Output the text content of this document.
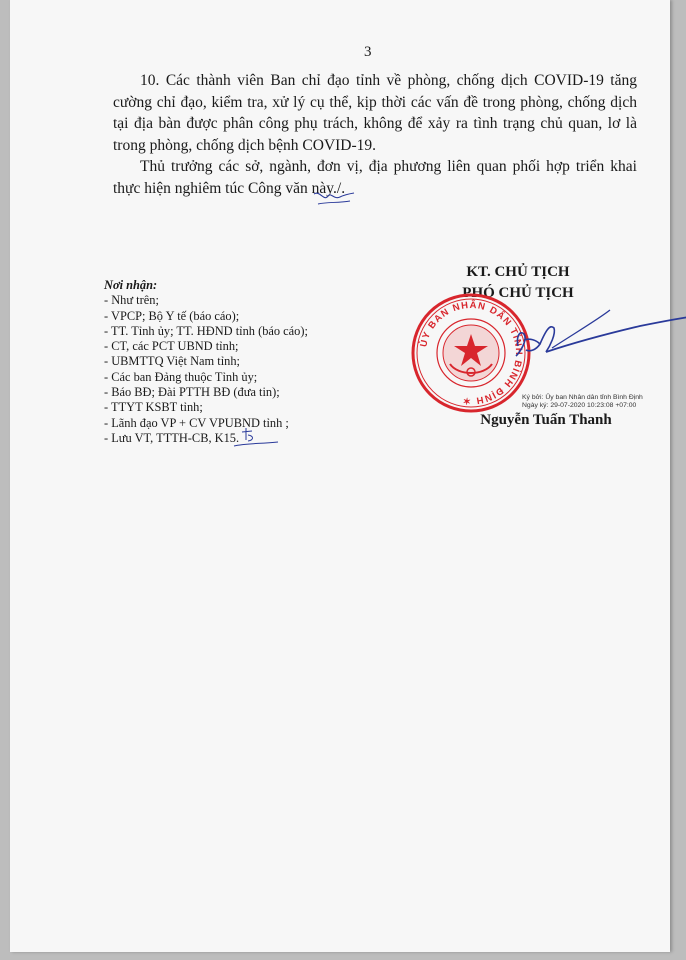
3

10. Các thành viên Ban chỉ đạo tỉnh về phòng, chống dịch COVID-19 tăng cường chỉ đạo, kiểm tra, xử lý cụ thể, kịp thời các vấn đề trong phòng, chống dịch tại địa bàn được phân công phụ trách, không để xảy ra tình trạng chủ quan, lơ là trong phòng, chống dịch bệnh COVID-19.

Thủ trưởng các sở, ngành, đơn vị, địa phương liên quan phối hợp triển khai thực hiện nghiêm túc Công văn này./.

Nơi nhận:
- Như trên;
- VPCP; Bộ Y tế (báo cáo);
- TT. Tỉnh ủy; TT. HĐND tỉnh (báo cáo);
- CT, các PCT UBND tỉnh;
- UBMTTQ Việt Nam tỉnh;
- Các ban Đảng thuộc Tỉnh ủy;
- Báo BĐ; Đài PTTH BĐ (đưa tin);
- TTYT KSBT tỉnh;
- Lãnh đạo VP + CV VPUBND tỉnh ;
- Lưu VT, TTTH-CB, K15.
KT. CHỦ TỊCH
PHÓ CHỦ TỊCH
ỦY BAN NHÂN DÂN TỈNH BÌNH ĐỊNH ✶	Ký bởi: Ủy ban Nhân dân tỉnh Bình Định
Ngày ký: 29-07-2020 10:23:08 +07:00
Nguyễn Tuấn Thanh
